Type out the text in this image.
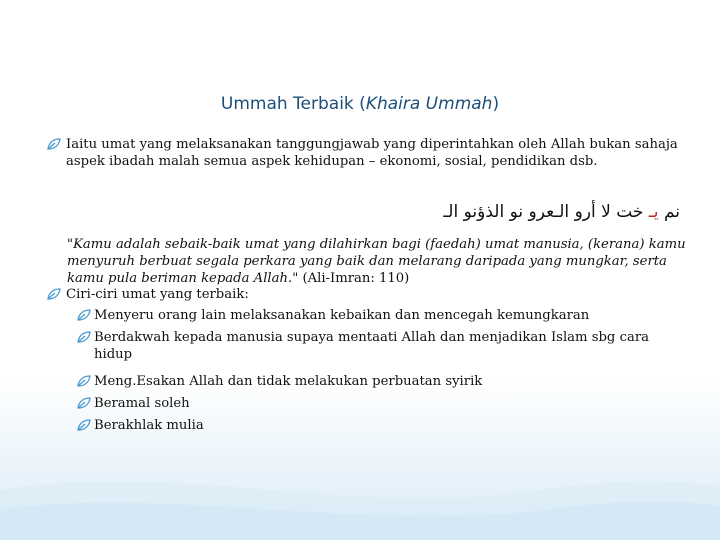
Ummah Terbaik (Khaira Ummah)
Iaitu umat yang melaksanakan tanggungjawab yang diperintahkan oleh Allah bukan sahaja aspek ibadah malah semua aspek kehidupan – ekonomi, sosial, pendidikan dsb.
نم يـ خت لا أرو الـعرو نو الذؤنو الـ
"Kamu adalah sebaik-baik umat yang dilahirkan bagi (faedah) umat manusia, (kerana) kamu menyuruh berbuat segala perkara yang baik dan melarang daripada yang mungkar, serta kamu pula beriman kepada Allah." (Ali-Imran: 110)
Ciri-ciri umat yang terbaik:
Menyeru orang lain melaksanakan kebaikan dan mencegah kemungkaran
Berdakwah kepada manusia supaya mentaati Allah dan menjadikan Islam sbg cara hidup
Meng.Esakan Allah dan tidak melakukan perbuatan syirik
Beramal soleh
Berakhlak mulia
